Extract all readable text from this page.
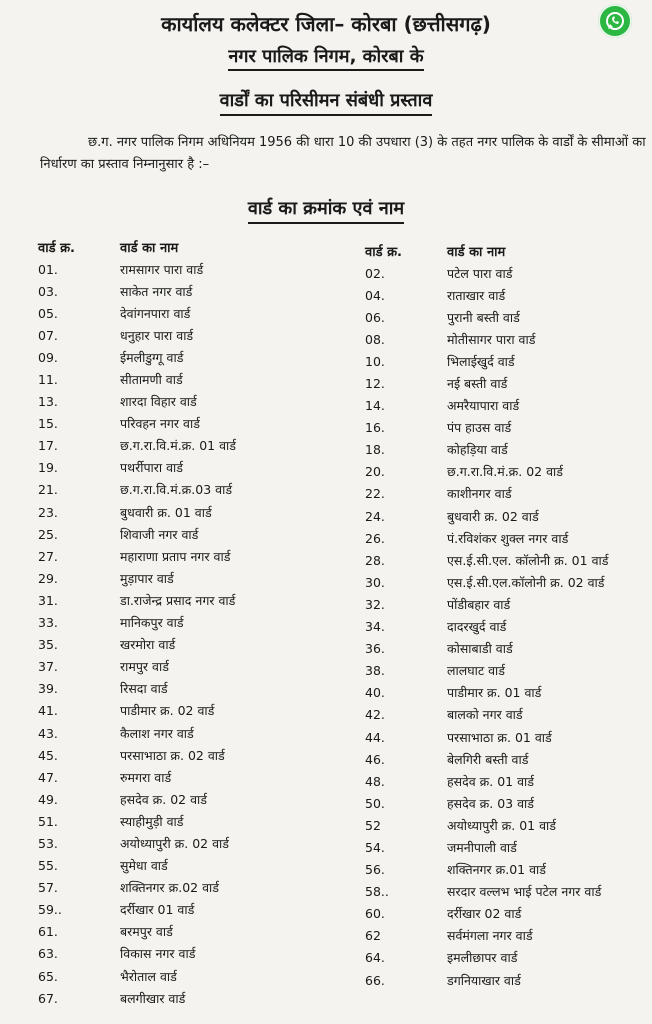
कार्यालय कलेक्टर जिला– कोरबा (छत्तीसगढ़)
नगर पालिक निगम, कोरबा के
वार्डों का परिसीमन संबंधी प्रस्ताव
छ.ग. नगर पालिक निगम अधिनियम 1956 की धारा 10 की उपधारा (3) के तहत नगर पालिक के वार्डों के सीमाओं का निर्धारण का प्रस्ताव निम्नानुसार है :–
वार्ड का क्रमांक एवं नाम
वार्ड क्र.	वार्ड का नाम
01.	रामसागर पारा वार्ड
03.	साकेत नगर वार्ड
05.	देवांगनपारा वार्ड
07.	धनुहार पारा वार्ड
09.	ईमलीडुग्गू वार्ड
11.	सीतामणी वार्ड
13.	शारदा विहार वार्ड
15.	परिवहन नगर वार्ड
17.	छ.ग.रा.वि.मं.क्र. 01 वार्ड
19.	पथर्रीपारा वार्ड
21.	छ.ग.रा.वि.मं.क्र.03 वार्ड
23.	बुधवारी क्र. 01 वार्ड
25.	शिवाजी नगर वार्ड
27.	महाराणा प्रताप नगर वार्ड
29.	मुड़ापार वार्ड
31.	डा.राजेन्द्र प्रसाद नगर वार्ड
33.	मानिकपुर वार्ड
35.	खरमोरा वार्ड
37.	रामपुर वार्ड
39.	रिसदा वार्ड
41.	पाडीमार क्र. 02 वार्ड
43.	कैलाश नगर वार्ड
45.	परसाभाठा क्र. 02 वार्ड
47.	रुमगरा वार्ड
49.	हसदेव क्र. 02 वार्ड
51.	स्याहीमुड़ी वार्ड
53.	अयोध्यापुरी क्र. 02 वार्ड
55.	सुमेधा वार्ड
57.	शक्तिनगर क्र.02 वार्ड
59..	दर्रीखार 01 वार्ड
61.	बरमपुर वार्ड
63.	विकास नगर वार्ड
65.	भैरोताल वार्ड
67.	बलगीखार वार्ड
वार्ड क्र.	वार्ड का नाम
02.	पटेल पारा वार्ड
04.	राताखार वार्ड
06.	पुरानी बस्ती वार्ड
08.	मोतीसागर पारा वार्ड
10.	भिलाईखुर्द वार्ड
12.	नई बस्ती वार्ड
14.	अमरैयापारा वार्ड
16.	पंप हाउस वार्ड
18.	कोहड़िया वार्ड
20.	छ.ग.रा.वि.मं.क्र. 02 वार्ड
22.	काशीनगर वार्ड
24.	बुधवारी क्र. 02 वार्ड
26.	पं.रविशंकर शुक्ल नगर वार्ड
28.	एस.ई.सी.एल. कॉलोनी क्र. 01 वार्ड
30.	एस.ई.सी.एल.कॉलोनी क्र. 02 वार्ड
32.	पोंडीबहार वार्ड
34.	दादरखुर्द वार्ड
36.	कोसाबाडी वार्ड
38.	लालघाट वार्ड
40.	पाडीमार क्र. 01 वार्ड
42.	बालको नगर वार्ड
44.	परसाभाठा क्र. 01 वार्ड
46.	बेलगिरी बस्ती वार्ड
48.	हसदेव क्र. 01 वार्ड
50.	हसदेव क्र. 03 वार्ड
52	अयोध्यापुरी क्र. 01 वार्ड
54.	जमनीपाली वार्ड
56.	शक्तिनगर क्र.01 वार्ड
58..	सरदार वल्लभ भाई पटेल नगर वार्ड
60.	दर्रीखार 02 वार्ड
62	सर्वमंगला नगर वार्ड
64.	इमलीछापर वार्ड
66.	डगनियाखार वार्ड
